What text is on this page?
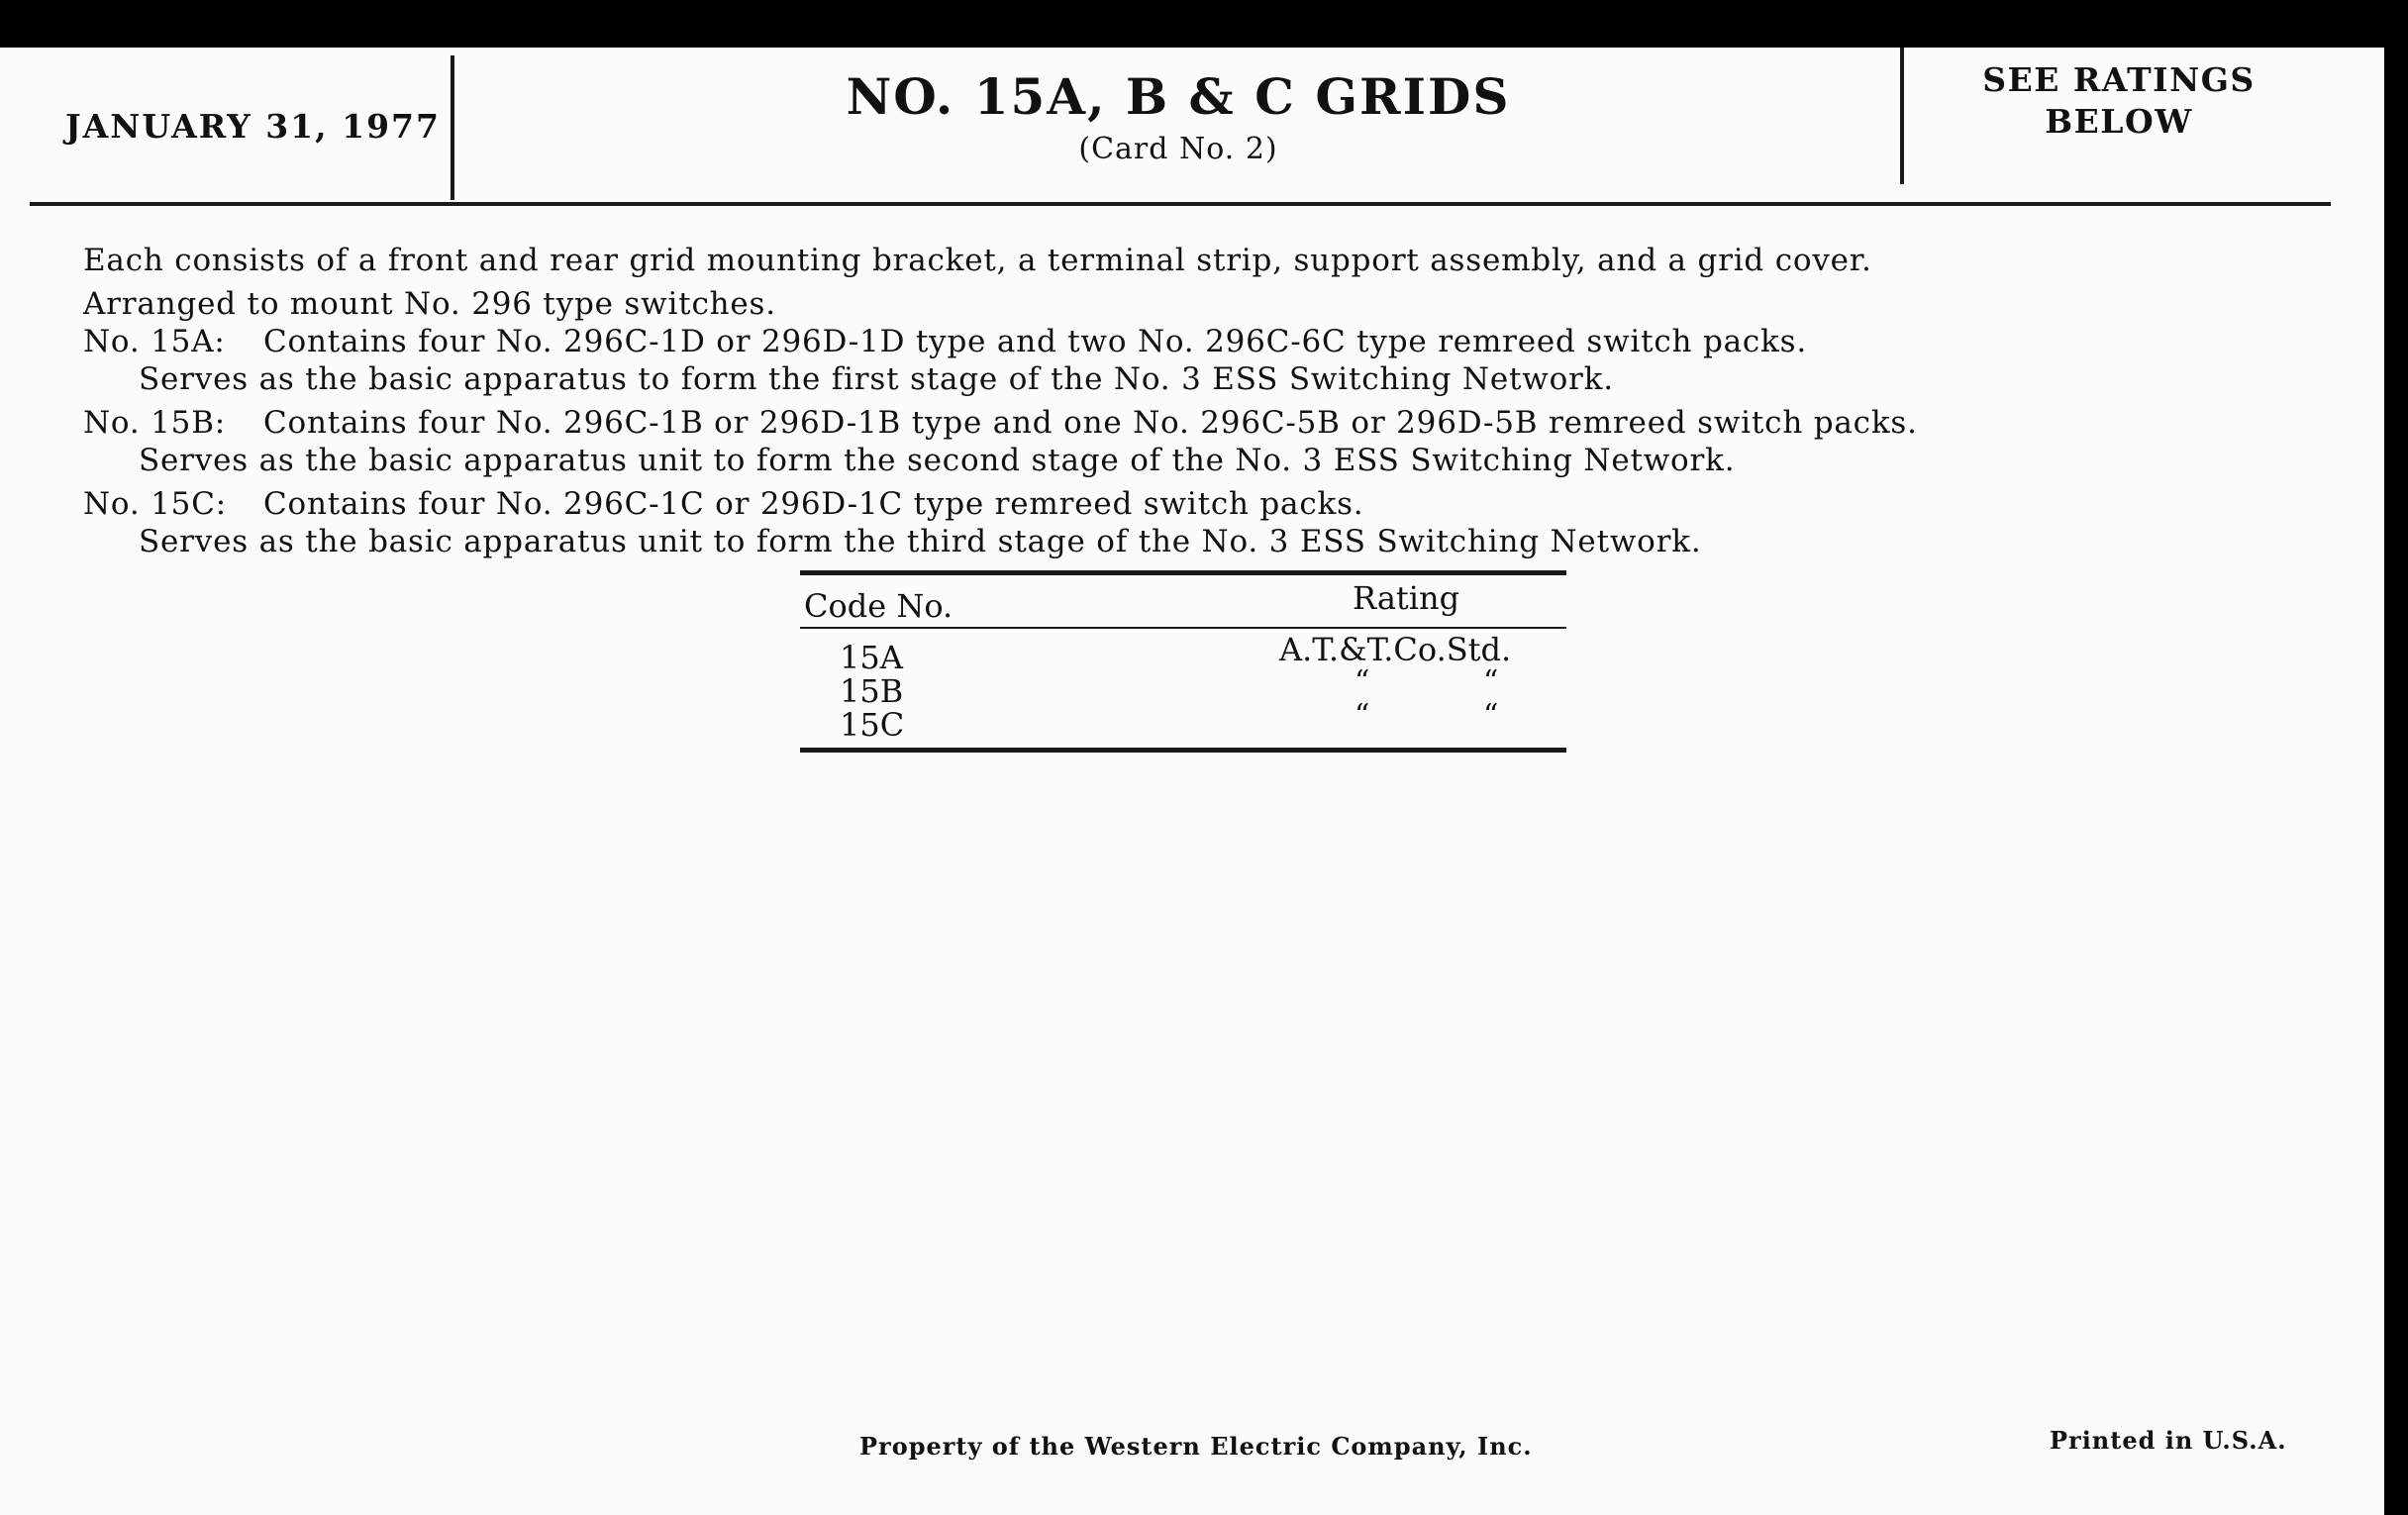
JANUARY 31, 1977
NO. 15A, B & C GRIDS
(Card No. 2)
SEE RATINGS
BELOW

Each consists of a front and rear grid mounting bracket, a terminal strip, support assembly, and a grid cover.

Arranged to mount No. 296 type switches.

No. 15A: Contains four No. 296C-1D or 296D-1D type and two No. 296C-6C type remreed switch packs.

Serves as the basic apparatus to form the first stage of the No. 3 ESS Switching Network.

No. 15B: Contains four No. 296C-1B or 296D-1B type and one No. 296C-5B or 296D-5B remreed switch packs.

Serves as the basic apparatus unit to form the second stage of the No. 3 ESS Switching Network.

No. 15C: Contains four No. 296C-1C or 296D-1C type remreed switch packs.

Serves as the basic apparatus unit to form the third stage of the No. 3 ESS Switching Network.

Code No.	Rating
15A	A.T.&T.Co.Std.
15B	“	“
15C	“	“
Property of the Western Electric Company, Inc.	Printed in U.S.A.
